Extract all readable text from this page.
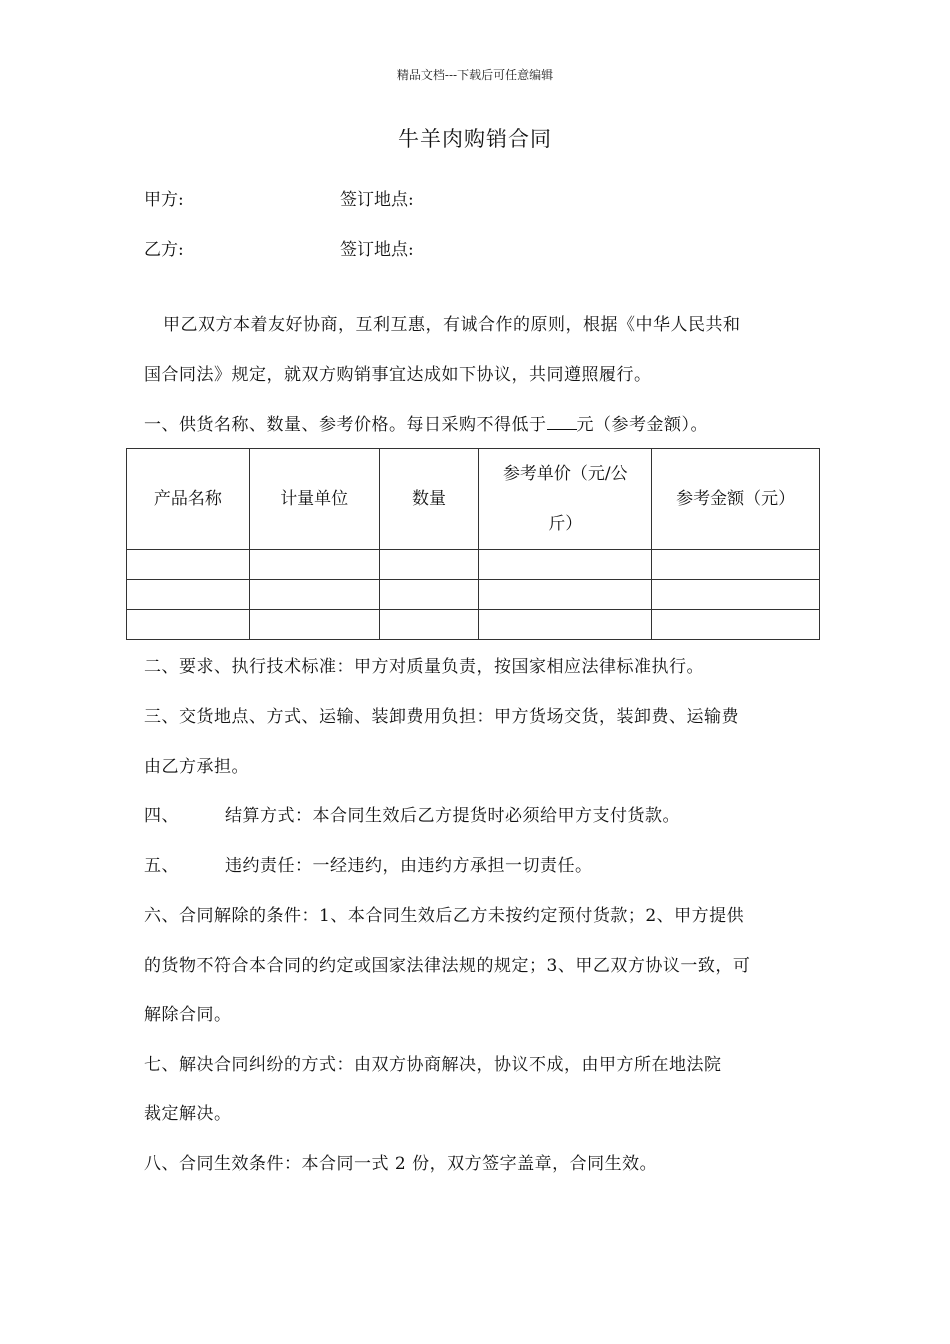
精品文档---下载后可任意编辑
牛羊肉购销合同
甲方:	签订地点:
乙方:	签订地点:
甲乙双方本着友好协商，互利互惠，有诚合作的原则，根据《中华人民共和
国合同法》规定，就双方购销事宜达成如下协议，共同遵照履行。
一、供货名称、数量、参考价格。每日采购不得低于 元（参考金额）。
产品名称	计量单位	数量	参考单价（元/公斤）	参考金额（元）

二、要求、执行技术标准：甲方对质量负责，按国家相应法律标准执行。
三、交货地点、方式、运输、装卸费用负担：甲方货场交货，装卸费、运输费
由乙方承担。
四、	结算方式：本合同生效后乙方提货时必须给甲方支付货款。
五、	违约责任：一经违约，由违约方承担一切责任。
六、合同解除的条件：1、本合同生效后乙方未按约定预付货款；2、甲方提供
的货物不符合本合同的约定或国家法律法规的规定；3、甲乙双方协议一致，可
解除合同。
七、解决合同纠纷的方式：由双方协商解决，协议不成，由甲方所在地法院
裁定解决。
八、合同生效条件：本合同一式 2 份，双方签字盖章，合同生效。
